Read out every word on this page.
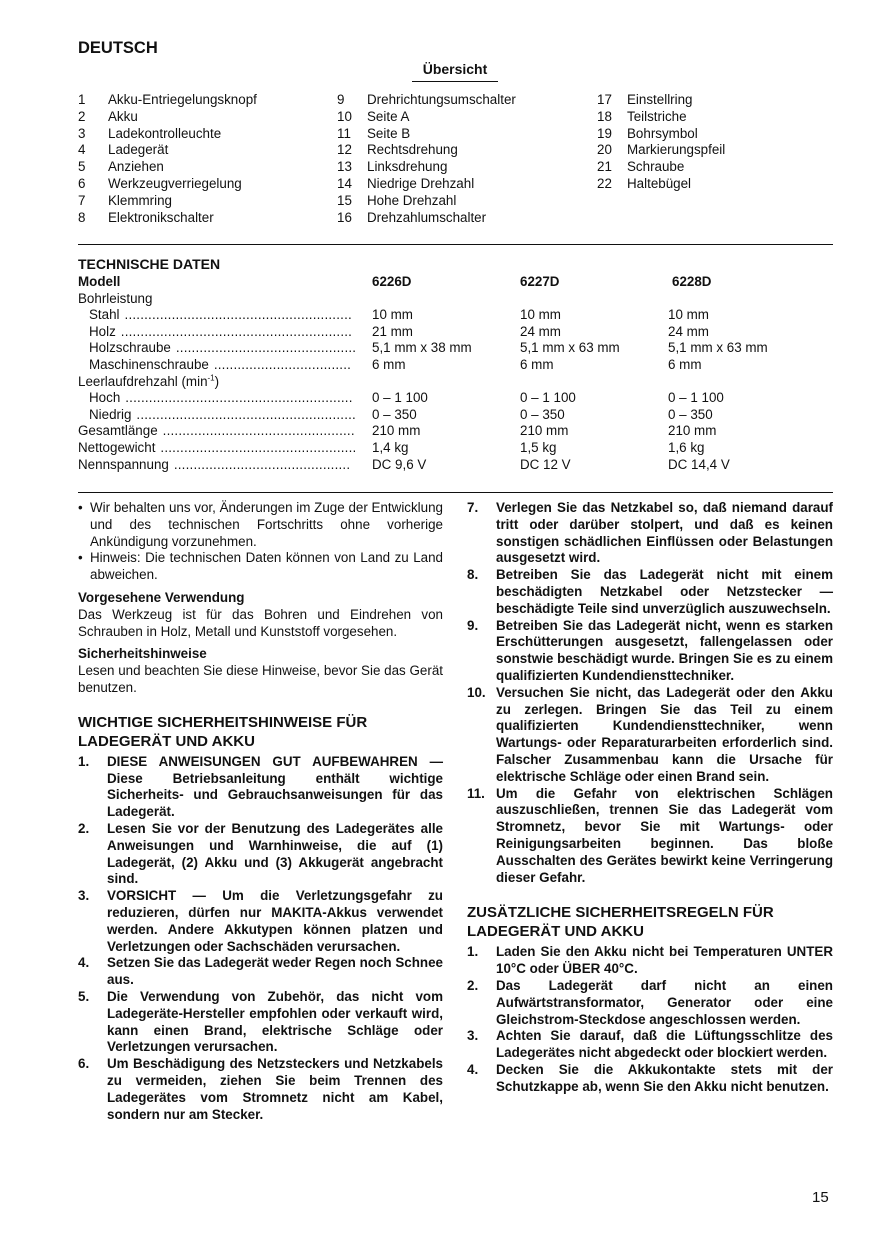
DEUTSCH
Übersicht
1	Akku-Entriegelungsknopf
2	Akku
3	Ladekontrolleuchte
4	Ladegerät
5	Anziehen
6	Werkzeugverriegelung
7	Klemmring
8	Elektronikschalter
9	Drehrichtungsumschalter
10	Seite A
11	Seite B
12	Rechtsdrehung
13	Linksdrehung
14	Niedrige Drehzahl
15	Hohe Drehzahl
16	Drehzahlumschalter
17	Einstellring
18	Teilstriche
19	Bohrsymbol
20	Markierungspfeil
21	Schraube
22	Haltebügel
TECHNISCHE DATEN
Modell	6226D	6227D	6228D
Bohrleistung
Stahl .......................................................... 10 mm	10 mm	10 mm
Holz ........................................................... 21 mm	24 mm	24 mm
Holzschraube .............................................. 5,1 mm x 38 mm	5,1 mm x 63 mm	5,1 mm x 63 mm
Maschinenschraube ................................... 6 mm	6 mm	6 mm
Leerlaufdrehzahl $(\min^{-1})$
Hoch .......................................................... 0 – 1 100	0 – 1 100	0 – 1 100
Niedrig ........................................................ 0 – 350	0 – 350	0 – 350
Gesamtlänge ................................................. 210 mm	210 mm	210 mm
Nettogewicht .................................................. 1,4 kg	1,5 kg	1,6 kg
Nennspannung ............................................. DC 9,6 V	DC 12 V	DC 14,4 V
• Wir behalten uns vor, Änderungen im Zuge der Entwicklung und des technischen Fortschritts ohne vorherige Ankündigung vorzunehmen.
• Hinweis: Die technischen Daten können von Land zu Land abweichen.
Vorgesehene Verwendung

Das Werkzeug ist für das Bohren und Eindrehen von Schrauben in Holz, Metall und Kunststoff vorgesehen.

Sicherheitshinweise

Lesen und beachten Sie diese Hinweise, bevor Sie das Gerät benutzen.

WICHTIGE SICHERHEITSHINWEISE FÜR LADEGERÄT UND AKKU
1.	DIESE ANWEISUNGEN GUT AUFBEWAHREN — Diese Betriebsanleitung enthält wichtige Sicherheits- und Gebrauchsanweisungen für das Ladegerät.
2.	Lesen Sie vor der Benutzung des Ladegerätes alle Anweisungen und Warnhinweise, die auf (1) Ladegerät, (2) Akku und (3) Akkugerät angebracht sind.
3.	VORSICHT — Um die Verletzungsgefahr zu reduzieren, dürfen nur MAKITA-Akkus verwendet werden. Andere Akkutypen können platzen und Verletzungen oder Sachschäden verursachen.
4.	Setzen Sie das Ladegerät weder Regen noch Schnee aus.
5.	Die Verwendung von Zubehör, das nicht vom Ladegeräte-Hersteller empfohlen oder verkauft wird, kann einen Brand, elektrische Schläge oder Verletzungen verursachen.
6.	Um Beschädigung des Netzsteckers und Netzkabels zu vermeiden, ziehen Sie beim Trennen des Ladegerätes vom Stromnetz nicht am Kabel, sondern nur am Stecker.
7.	Verlegen Sie das Netzkabel so, daß niemand darauf tritt oder darüber stolpert, und daß es keinen sonstigen schädlichen Einflüssen oder Belastungen ausgesetzt wird.
8.	Betreiben Sie das Ladegerät nicht mit einem beschädigten Netzkabel oder Netzstecker — beschädigte Teile sind unverzüglich auszuwechseln.
9.	Betreiben Sie das Ladegerät nicht, wenn es starken Erschütterungen ausgesetzt, fallengelassen oder sonstwie beschädigt wurde. Bringen Sie es zu einem qualifizierten Kundendiensttechniker.
10. Versuchen Sie nicht, das Ladegerät oder den Akku zu zerlegen. Bringen Sie das Teil zu einem qualifizierten Kundendiensttechniker, wenn Wartungs- oder Reparaturarbeiten erforderlich sind. Falscher Zusammenbau kann die Ursache für elektrische Schläge oder einen Brand sein.
11. Um die Gefahr von elektrischen Schlägen auszuschließen, trennen Sie das Ladegerät vom Stromnetz, bevor Sie mit Wartungs- oder Reinigungsarbeiten beginnen. Das bloße Ausschalten des Gerätes bewirkt keine Verringerung dieser Gefahr.
ZUSÄTZLICHE SICHERHEITSREGELN FÜR LADEGERÄT UND AKKU
1.	Laden Sie den Akku nicht bei Temperaturen UNTER 10°C oder ÜBER 40°C.
2.	Das Ladegerät darf nicht an einen Aufwärtstransformator, Generator oder eine Gleichstrom-Steckdose angeschlossen werden.
3.	Achten Sie darauf, daß die Lüftungsschlitze des Ladegerätes nicht abgedeckt oder blockiert werden.
4.	Decken Sie die Akkukontakte stets mit der Schutzkappe ab, wenn Sie den Akku nicht benutzen.
15
